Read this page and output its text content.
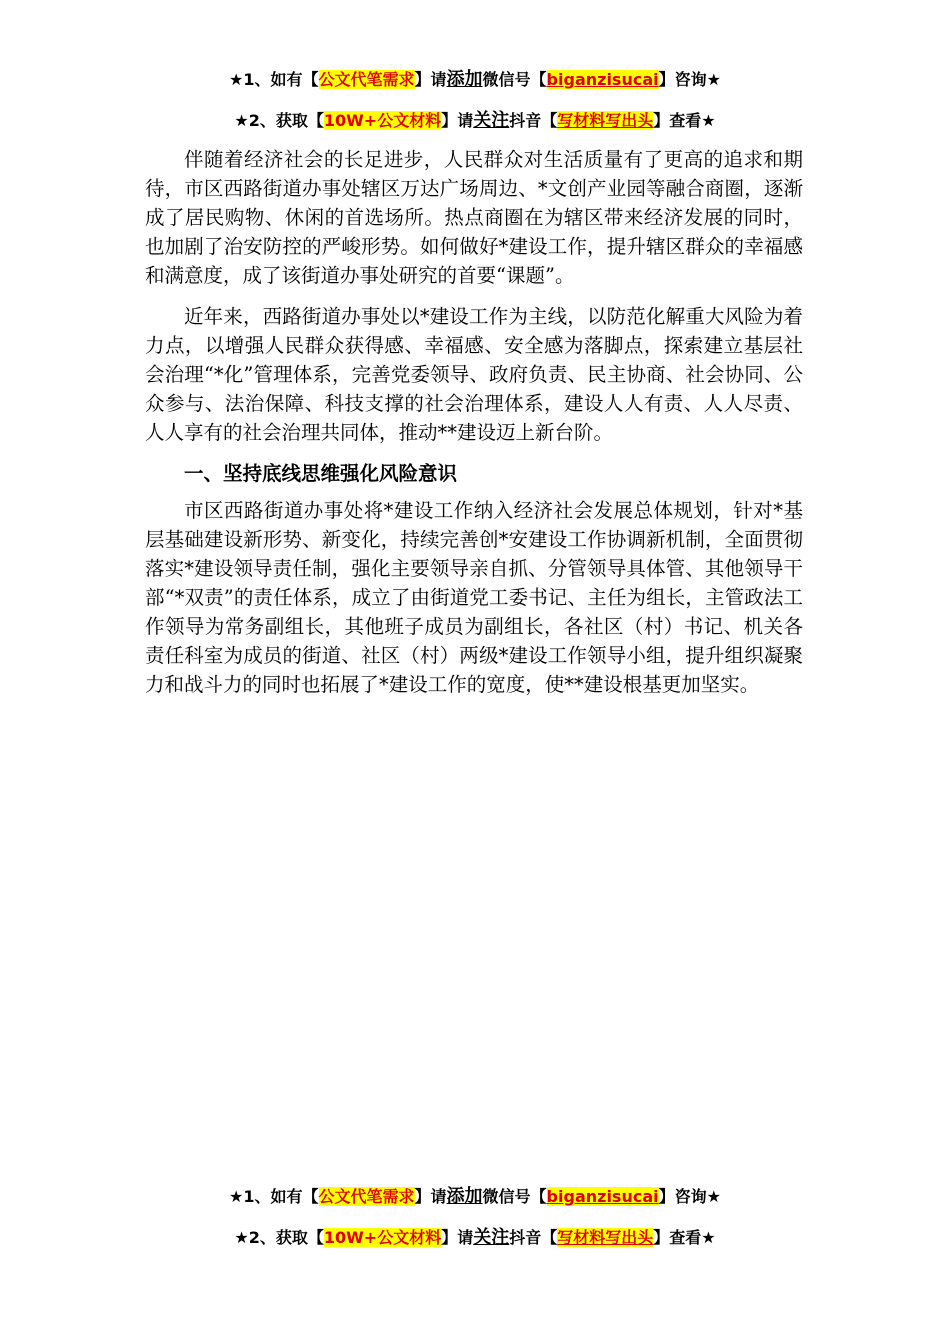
★1、如有【公文代笔需求】请添加微信号【biganzisucai】咨询★
★2、获取【10W+公文材料】请关注抖音【写材料写出头】查看★

伴随着经济社会的长足进步，人民群众对生活质量有了更高的追求和期待，市区西路街道办事处辖区万达广场周边、*文创产业园等融合商圈，逐渐成了居民购物、休闲的首选场所。热点商圈在为辖区带来经济发展的同时，也加剧了治安防控的严峻形势。如何做好*建设工作，提升辖区群众的幸福感和满意度，成了该街道办事处研究的首要“课题”。

近年来，西路街道办事处以*建设工作为主线，以防范化解重大风险为着力点，以增强人民群众获得感、幸福感、安全感为落脚点，探索建立基层社会治理“*化”管理体系，完善党委领导、政府负责、民主协商、社会协同、公众参与、法治保障、科技支撑的社会治理体系，建设人人有责、人人尽责、人人享有的社会治理共同体，推动**建设迈上新台阶。

一、坚持底线思维强化风险意识

市区西路街道办事处将*建设工作纳入经济社会发展总体规划，针对*基层基础建设新形势、新变化，持续完善创*安建设工作协调新机制，全面贯彻落实*建设领导责任制，强化主要领导亲自抓、分管领导具体管、其他领导干部“*双责”的责任体系，成立了由街道党工委书记、主任为组长，主管政法工作领导为常务副组长，其他班子成员为副组长，各社区（村）书记、机关各责任科室为成员的街道、社区（村）两级*建设工作领导小组，提升组织凝聚力和战斗力的同时也拓展了*建设工作的宽度，使**建设根基更加坚实。

★1、如有【公文代笔需求】请添加微信号【biganzisucai】咨询★
★2、获取【10W+公文材料】请关注抖音【写材料写出头】查看★
